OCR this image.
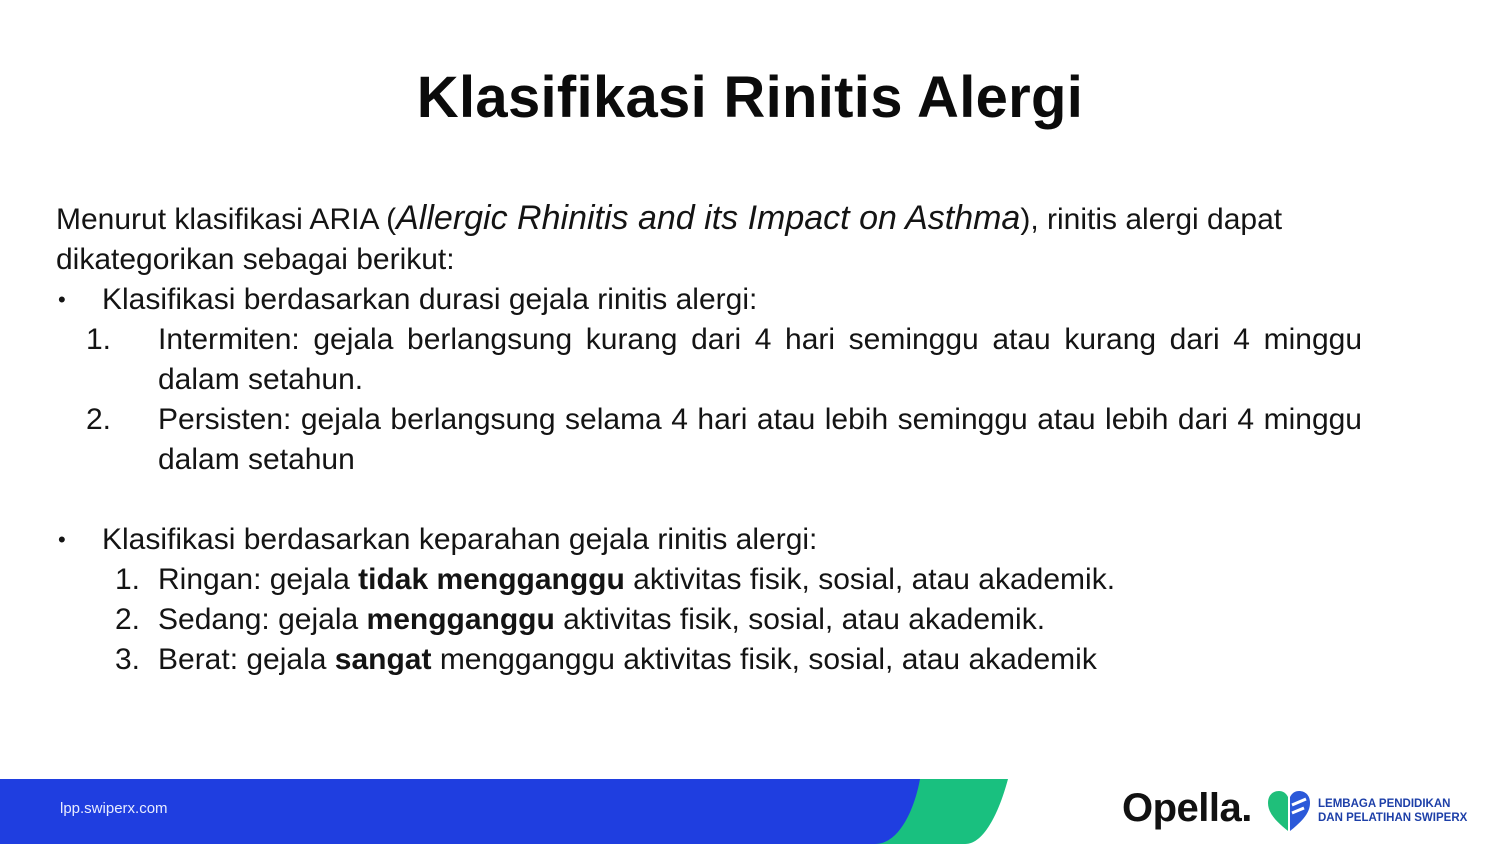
Klasifikasi Rinitis Alergi

Menurut klasifikasi ARIA (Allergic Rhinitis and its Impact on Asthma), rinitis alergi dapat dikategorikan sebagai berikut:

• Klasifikasi berdasarkan durasi gejala rinitis alergi:
1.	Intermiten: gejala berlangsung kurang dari 4 hari seminggu atau kurang dari 4 minggu dalam setahun.
2.	Persisten: gejala berlangsung selama 4 hari atau lebih seminggu atau lebih dari 4 minggu dalam setahun
• Klasifikasi berdasarkan keparahan gejala rinitis alergi:
1. Ringan: gejala tidak mengganggu aktivitas fisik, sosial, atau akademik.
2. Sedang: gejala mengganggu aktivitas fisik, sosial, atau akademik.
3. Berat: gejala sangat mengganggu aktivitas fisik, sosial, atau akademik
lpp.swiperx.com	Opella.	LEMBAGA PENDIDIKAN
DAN PELATIHAN SWIPERX
